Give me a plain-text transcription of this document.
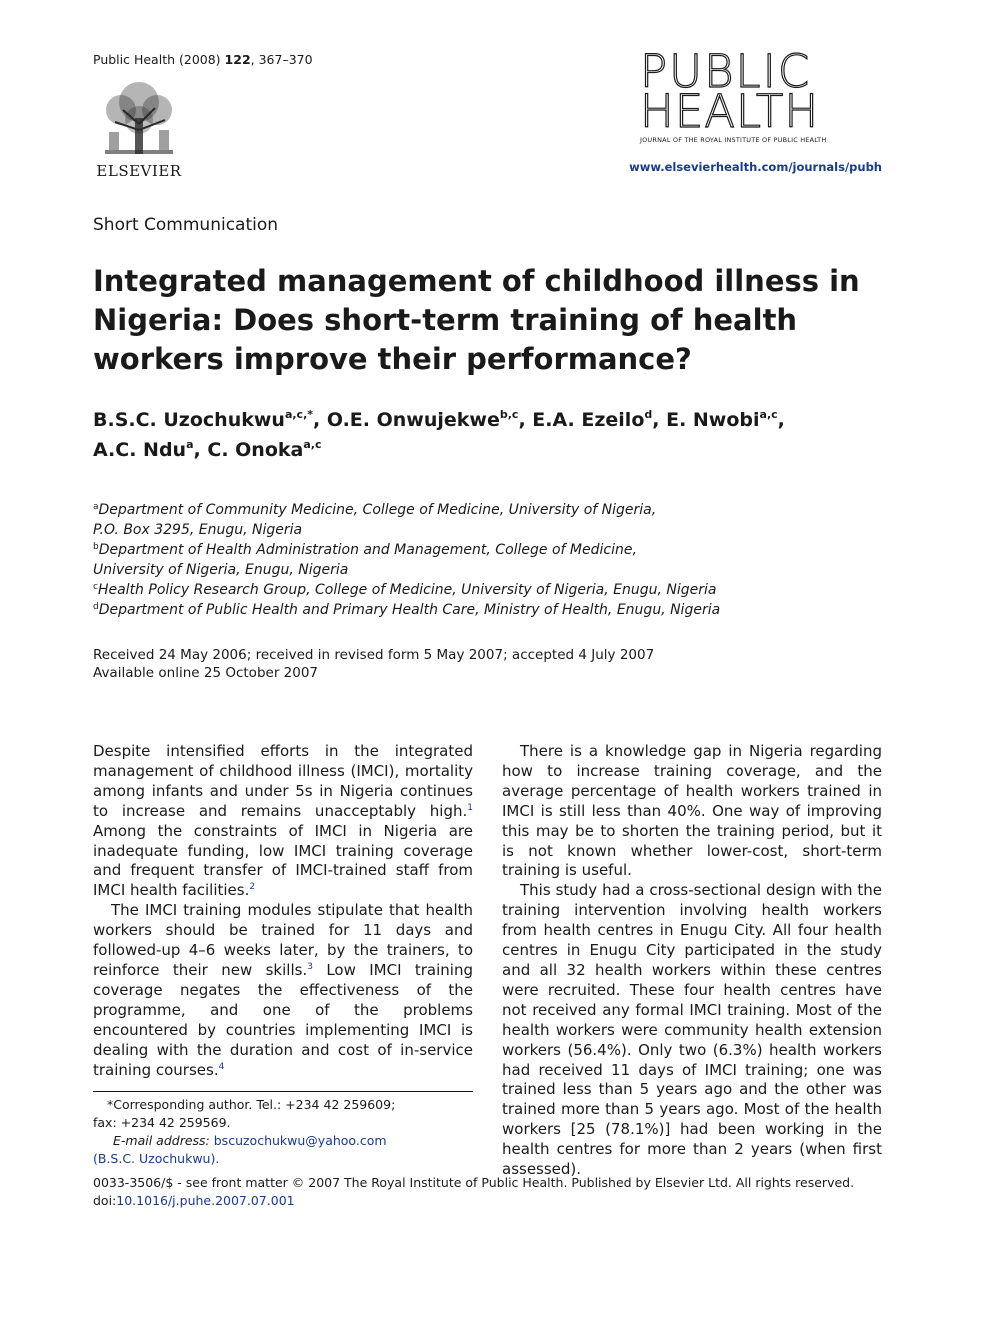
Public Health (2008) 122, 367–370
ELSEVIER
PUBLIC
HEALTH
JOURNAL OF THE ROYAL INSTITUTE OF PUBLIC HEALTH
www.elsevierhealth.com/journals/pubh
Short Communication
Integrated management of childhood illness in Nigeria: Does short-term training of health workers improve their performance?
B.S.C. Uzochukwu$^{a,c,*}$, O.E. Onwujekwe$^{b,c}$, E.A. Ezeilo$^d$, E. Nwobi$^{a,c}$,
A.C. Ndu$^a$, C. Onoka$^{a,c}$
$^a$Department of Community Medicine, College of Medicine, University of Nigeria,
P.O. Box 3295, Enugu, Nigeria
$^b$Department of Health Administration and Management, College of Medicine,
University of Nigeria, Enugu, Nigeria
$^c$Health Policy Research Group, College of Medicine, University of Nigeria, Enugu, Nigeria
$^d$Department of Public Health and Primary Health Care, Ministry of Health, Enugu, Nigeria
Received 24 May 2006; received in revised form 5 May 2007; accepted 4 July 2007
Available online 25 October 2007

Despite intensified efforts in the integrated management of childhood illness (IMCI), mortality among infants and under 5s in Nigeria continues to increase and remains unacceptably high.$^1$ Among the constraints of IMCI in Nigeria are inadequate funding, low IMCI training coverage and frequent transfer of IMCI-trained staff from IMCI health facilities.$^2$

The IMCI training modules stipulate that health workers should be trained for 11 days and followed-up 4–6 weeks later, by the trainers, to reinforce their new skills.$^3$ Low IMCI training coverage negates the effectiveness of the programme, and one of the problems encountered by countries implementing IMCI is dealing with the duration and cost of in-service training courses.$^4$

There is a knowledge gap in Nigeria regarding how to increase training coverage, and the average percentage of health workers trained in IMCI is still less than 40%. One way of improving this may be to shorten the training period, but it is not known whether lower-cost, short-term training is useful.

This study had a cross-sectional design with the training intervention involving health workers from health centres in Enugu City. All four health centres in Enugu City participated in the study and all 32 health workers within these centres were recruited. These four health centres have not received any formal IMCI training. Most of the health workers were community health extension workers (56.4%). Only two (6.3%) health workers had received 11 days of IMCI training; one was trained less than 5 years ago and the other was trained more than 5 years ago. Most of the health workers [25 (78.1%)] had been working in the health centres for more than 2 years (when first assessed).

*Corresponding author. Tel.: +234 42 259609;
fax: +234 42 259569.
E-mail address: bscuzochukwu@yahoo.com
(B.S.C. Uzochukwu).
0033-3506/$ - see front matter © 2007 The Royal Institute of Public Health. Published by Elsevier Ltd. All rights reserved.
doi:10.1016/j.puhe.2007.07.001
